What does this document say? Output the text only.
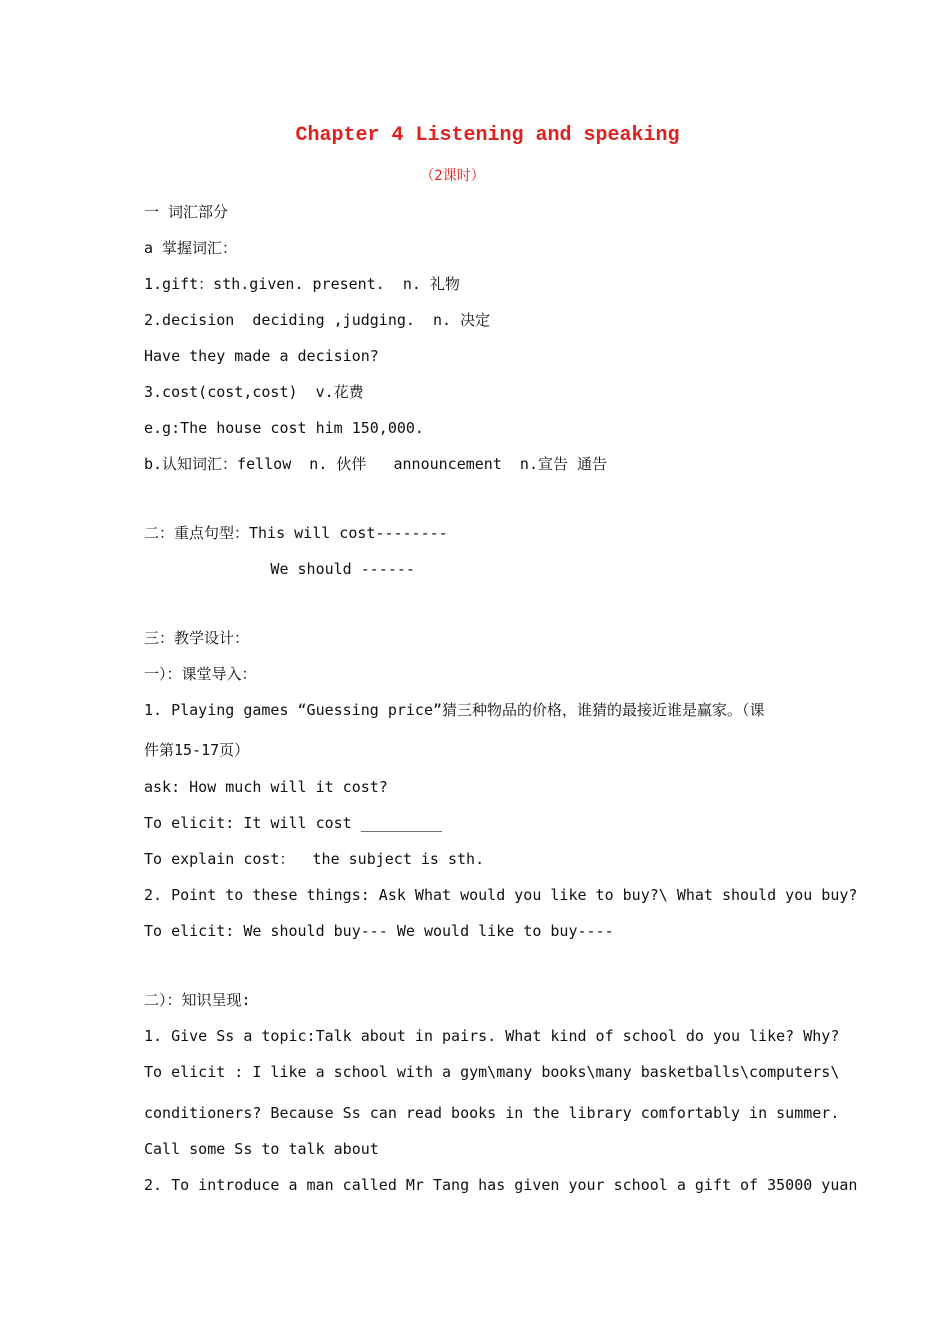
Chapter 4 Listening and speaking

（2课时）

一 词汇部分

a 掌握词汇：

1.gift：sth.given. present.  n. 礼物

2.decision  deciding ,judging.  n. 决定

Have they made a decision?

3.cost(cost,cost)  v.花费

e.g:The house cost him 150,000.

b.认知词汇：fellow  n. 伙伴   announcement  n.宣告 通告

二：重点句型：This will cost--------

We should ------

三：教学设计：

一）：课堂导入：

1. Playing games “Guessing price”猜三种物品的价格，谁猜的最接近谁是赢家。（课

件第15-17页）

ask: How much will it cost?

To elicit: It will cost _________

To explain cost：  the subject is sth.

2. Point to these things: Ask What would you like to buy?\ What should you buy?

To elicit: We should buy--- We would like to buy----

二）：知识呈现:

1. Give Ss a topic:Talk about in pairs. What kind of school do you like? Why?

To elicit : I like a school with a gym\many books\many basketballs\computers\

conditioners? Because Ss can read books in the library comfortably in summer.

Call some Ss to talk about

2. To introduce a man called Mr Tang has given your school a gift of 35000 yuan
